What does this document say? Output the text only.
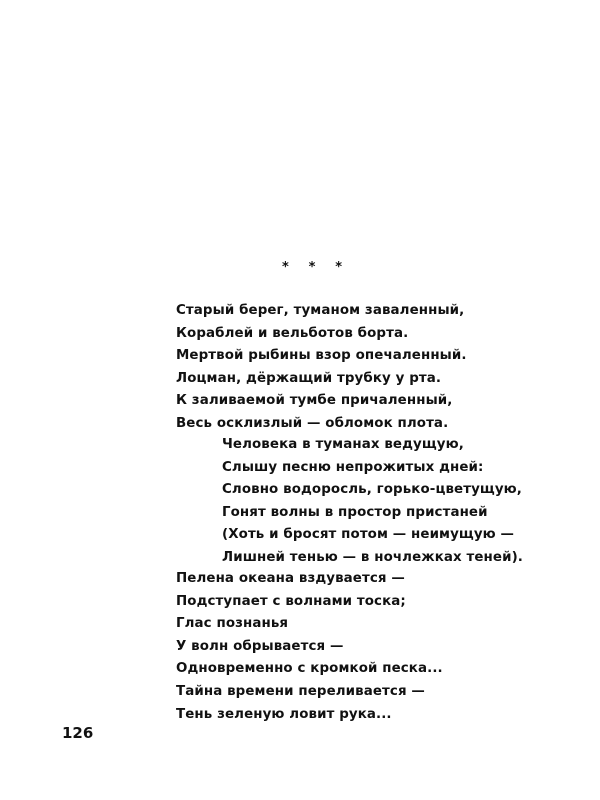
* * *
Старый берег, туманом заваленный,
Кораблей и вельботов борта.
Мертвой рыбины взор опечаленный.
Лоцман, дёржащий трубку у рта.
К заливаемой тумбе причаленный,
Весь осклизлый — обломок плота.
Человека в туманах ведущую,
Слышу песню непрожитых дней:
Словно водоросль, горько-цветущую,
Гонят волны в простор пристаней
(Хоть и бросят потом — неимущую —
Лишней тенью — в ночлежках теней).
Пелена океана вздувается —
Подступает с волнами тоска;
Глас познанья
У волн обрывается —
Одновременно с кромкой песка...
Тайна времени переливается —
Тень зеленую ловит рука...
126
